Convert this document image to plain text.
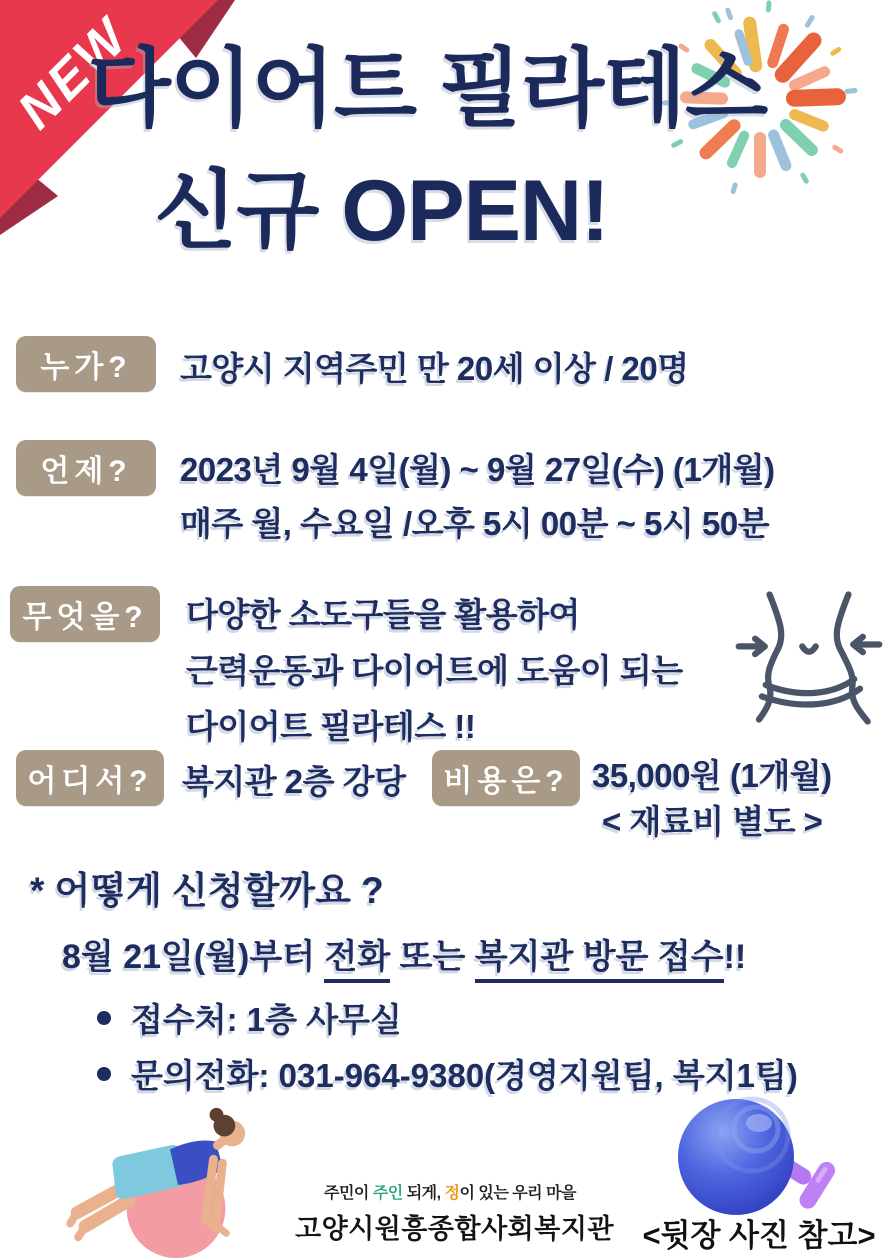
NEW
다이어트 필라테스
신규 OPEN!
누가?	고양시 지역주민 만 20세 이상 / 20명
언제?	2023년 9월 4일(월) ~ 9월 27일(수) (1개월)
매주 월, 수요일 /오후 5시 00분 ~ 5시 50분
무엇을?	다양한 소도구들을 활용하여
근력운동과 다이어트에 도움이 되는
다이어트 필라테스 !!
어디서? 복지관 2층 강당	비용은? 35,000원 (1개월)
< 재료비 별도 >
* 어떻게 신청할까요 ?
8월 21일(월)부터 전화 또는 복지관 방문 접수!!
접수처: 1층 사무실
문의전화: 031-964-9380(경영지원팀, 복지1팀)
주민이 주인 되게, 정이 있는 우리 마을
고양시원흥종합사회복지관 <뒷장 사진 참고>
